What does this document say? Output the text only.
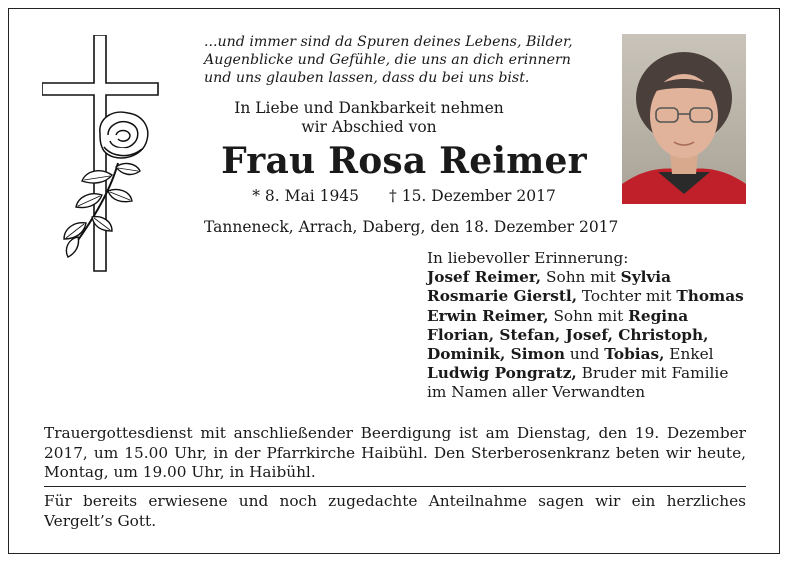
...und immer sind da Spuren deines Lebens, Bilder,
Augenblicke und Gefühle, die uns an dich erinnern
und uns glauben lassen, dass du bei uns bist.
In Liebe und Dankbarkeit nehmen
wir Abschied von
Frau Rosa Reimer
* 8. Mai 1945 † 15. Dezember 2017
Tanneneck, Arrach, Daberg, den 18. Dezember 2017

In liebevoller Erinnerung:

Josef Reimer, Sohn mit Sylvia Rosmarie Gierstl, Tochter mit Thomas Erwin Reimer, Sohn mit Regina Florian, Stefan, Josef, Christoph, Dominik, Simon und Tobias, Enkel Ludwig Pongratz, Bruder mit Familie

im Namen aller Verwandten

Trauergottesdienst mit anschließender Beerdigung ist am Dienstag, den 19. Dezember 2017, um 15.00 Uhr, in der Pfarrkirche Haibühl. Den Sterberosenkranz beten wir heute, Montag, um 19.00 Uhr, in Haibühl.
Für bereits erwiesene und noch zugedachte Anteilnahme sagen wir ein herzliches Vergelt’s Gott.
